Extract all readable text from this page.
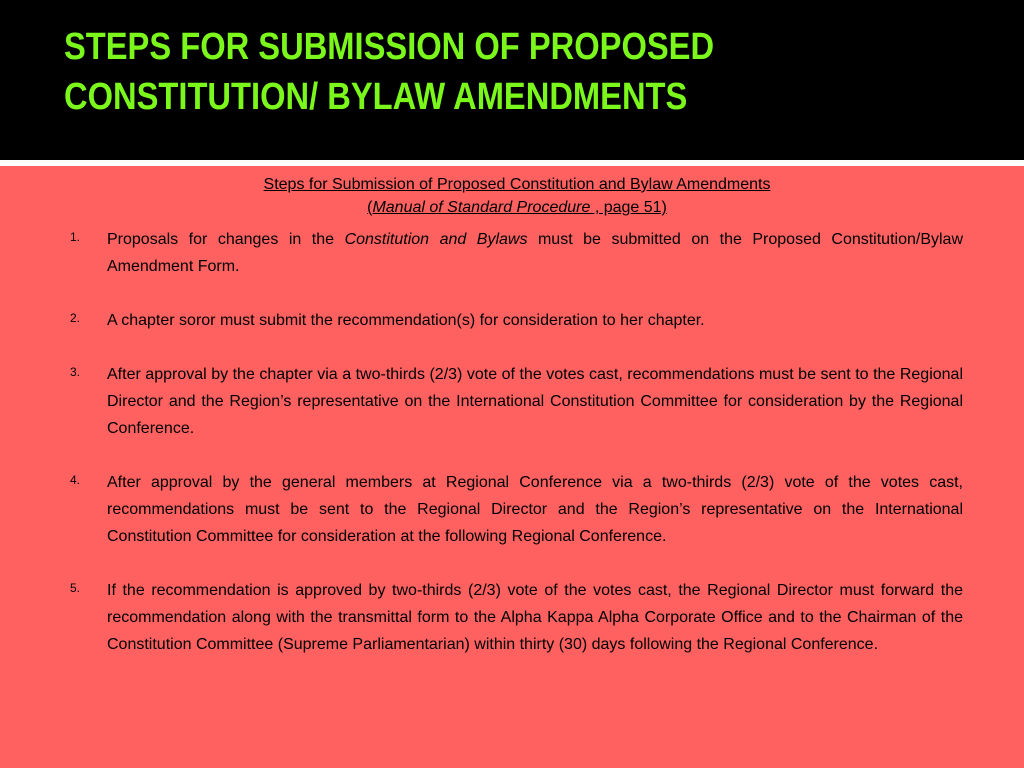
STEPS FOR SUBMISSION OF PROPOSED
CONSTITUTION/ BYLAW AMENDMENTS
Steps for Submission of Proposed Constitution and Bylaw Amendments
(Manual of Standard Procedure , page 51)
1. Proposals for changes in the Constitution and Bylaws must be submitted on the Proposed Constitution/Bylaw Amendment Form.
2. A chapter soror must submit the recommendation(s) for consideration to her chapter.
3. After approval by the chapter via a two-thirds (2/3) vote of the votes cast, recommendations must be sent to the Regional Director and the Region’s representative on the International Constitution Committee for consideration by the Regional Conference.
4. After approval by the general members at Regional Conference via a two-thirds (2/3) vote of the votes cast, recommendations must be sent to the Regional Director and the Region’s representative on the International Constitution Committee for consideration at the following Regional Conference.
5. If the recommendation is approved by two-thirds (2/3) vote of the votes cast, the Regional Director must forward the recommendation along with the transmittal form to the Alpha Kappa Alpha Corporate Office and to the Chairman of the Constitution Committee (Supreme Parliamentarian) within thirty (30) days following the Regional Conference.
